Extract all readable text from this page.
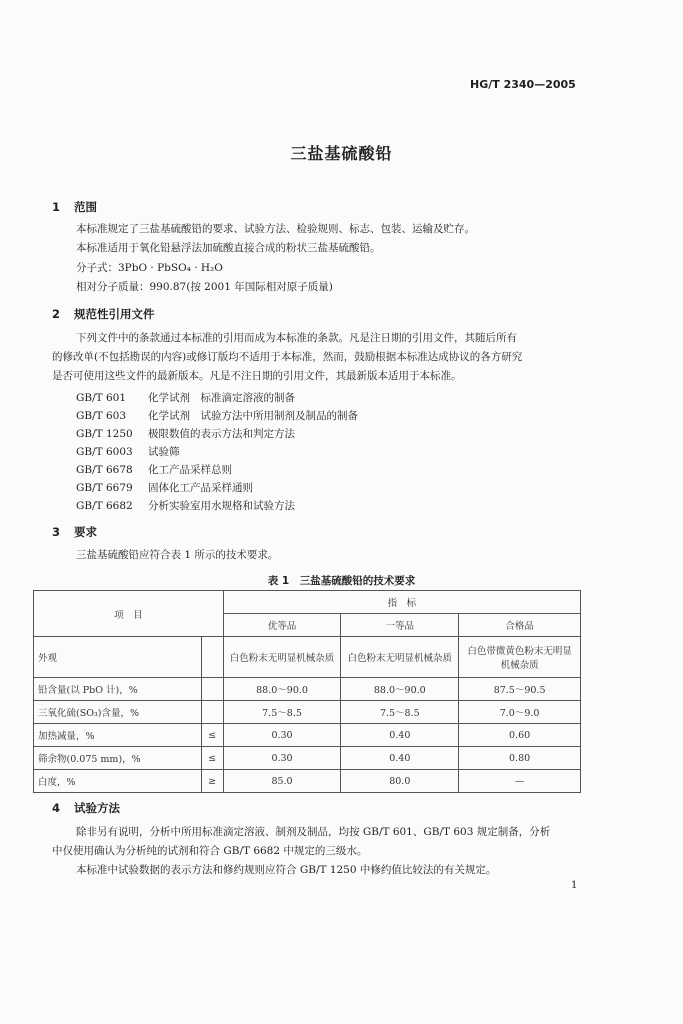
HG/T 2340—2005
三盐基硫酸铅
1 范围
本标准规定了三盐基硫酸铅的要求、试验方法、检验规则、标志、包装、运输及贮存。
本标准适用于氧化铅悬浮法加硫酸直接合成的粉状三盐基硫酸铅。
分子式：3PbO · PbSO₄ · H₂O
相对分子质量：990.87(按 2001 年国际相对原子质量)
2 规范性引用文件
下列文件中的条款通过本标准的引用而成为本标准的条款。凡是注日期的引用文件，其随后所有
的修改单(不包括勘误的内容)或修订版均不适用于本标准，然而，鼓励根据本标准达成协议的各方研究
是否可使用这些文件的最新版本。凡是不注日期的引用文件，其最新版本适用于本标准。
GB/T 601 化学试剂　标准滴定溶液的制备
GB/T 603 化学试剂　试验方法中所用制剂及制品的制备
GB/T 1250 极限数值的表示方法和判定方法
GB/T 6003 试验筛
GB/T 6678 化工产品采样总则
GB/T 6679 固体化工产品采样通则
GB/T 6682 分析实验室用水规格和试验方法
3 要求
三盐基硫酸铅应符合表 1 所示的技术要求。
表 1　三盐基硫酸铅的技术要求
项　目		指　标		
		优等品	一等品	合格品
外观		白色粉末无明显机械杂质	白色粉末无明显机械杂质	白色带微黄色粉末无明显机械杂质
铅含量(以 PbO 计)，%		88.0～90.0	88.0～90.0	87.5～90.5
三氧化硫(SO₃)含量，%		7.5～8.5	7.5～8.5	7.0～9.0
加热减量，%	≤	0.30	0.40	0.60
筛余物(0.075 mm)，%	≤	0.30	0.40	0.80
白度，%	≥	85.0	80.0	—
4 试验方法
除非另有说明，分析中所用标准滴定溶液、制剂及制品，均按 GB/T 601、GB/T 603 规定制备，分析
中仅使用确认为分析纯的试剂和符合 GB/T 6682 中规定的三级水。
本标准中试验数据的表示方法和修约规则应符合 GB/T 1250 中修约值比较法的有关规定。
1
